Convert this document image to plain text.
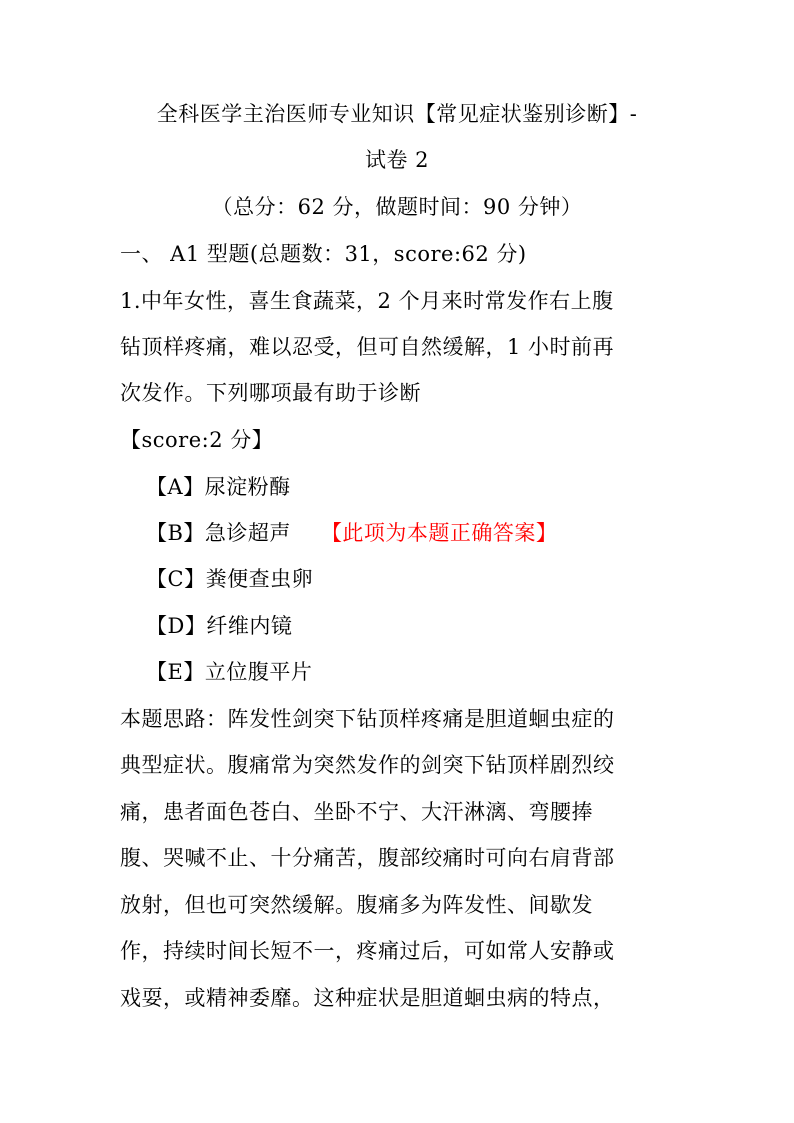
全科医学主治医师专业知识【常见症状鉴别诊断】-
试卷 2
（总分：62 分，做题时间：90 分钟）
一、 A1 型题(总题数：31，score:62 分)
1.中年女性，喜生食蔬菜，2 个月来时常发作右上腹
钻顶样疼痛，难以忍受，但可自然缓解，1 小时前再
次发作。下列哪项最有助于诊断
【score:2 分】
【A】尿淀粉酶
【B】急诊超声 【此项为本题正确答案】
【C】粪便查虫卵
【D】纤维内镜
【E】立位腹平片
本题思路：阵发性剑突下钻顶样疼痛是胆道蛔虫症的
典型症状。腹痛常为突然发作的剑突下钻顶样剧烈绞
痛，患者面色苍白、坐卧不宁、大汗淋漓、弯腰捧
腹、哭喊不止、十分痛苦，腹部绞痛时可向右肩背部
放射，但也可突然缓解。腹痛多为阵发性、间歇发
作，持续时间长短不一，疼痛过后，可如常人安静或
戏耍，或精神委靡。这种症状是胆道蛔虫病的特点，
